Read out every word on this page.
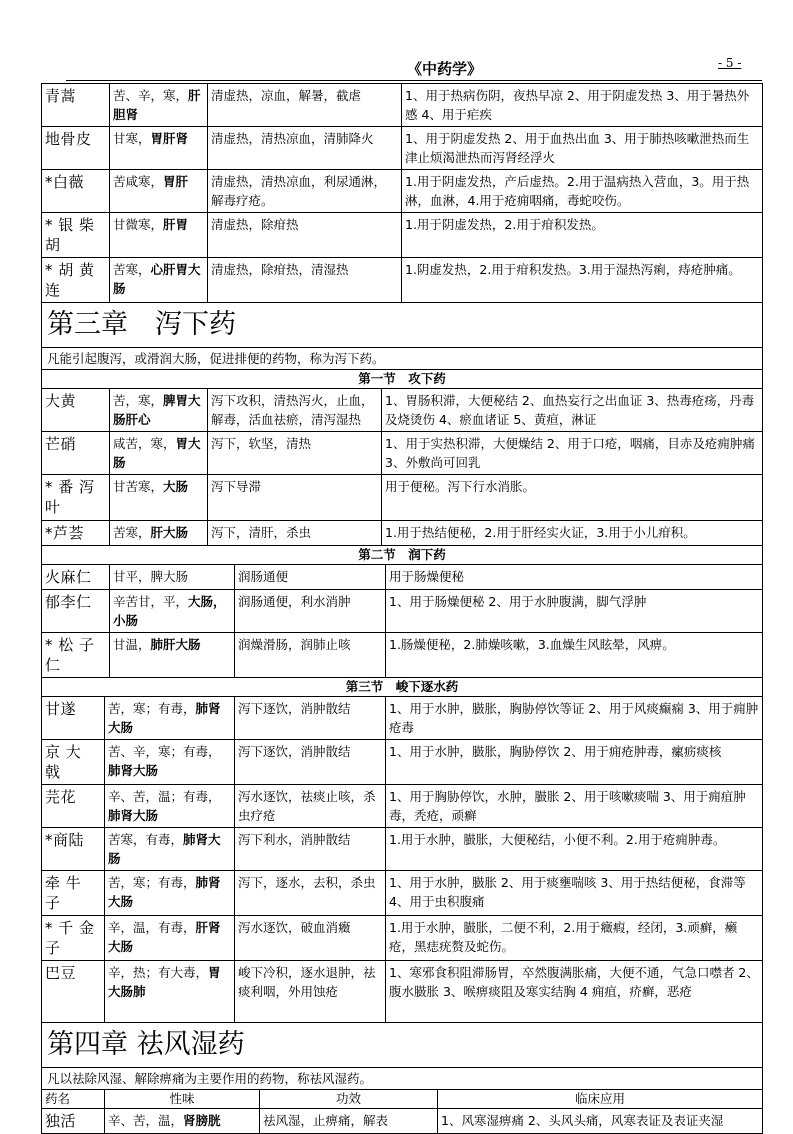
《中药学》	- 5 -
青蒿	苦、辛，寒，肝胆肾	清虚热，凉血，解暑，截虐	1、用于热病伤阴，夜热早凉 2、用于阴虚发热 3、用于暑热外感 4、用于疟疾
地骨皮	甘寒，胃肝肾	清虚热，清热凉血，清肺降火	1、用于阴虚发热 2、用于血热出血 3、用于肺热咳嗽泄热而生津止烦渴泄热而泻肾经浮火
*白薇	苦咸寒，胃肝	清虚热，清热凉血，利尿通淋，解毒疗疮。	1.用于阴虚发热，产后虚热。2.用于温病热入营血，3。用于热淋，血淋，4.用于疮痈咽痛，毒蛇咬伤。
* 银 柴 胡	甘微寒，肝胃	清虚热，除疳热	1.用于阴虚发热，2.用于疳积发热。
* 胡 黄 连	苦寒，心肝胃大肠	清虚热，除疳热，清湿热	1.阴虚发热，2.用于疳积发热。3.用于湿热泻痢，痔疮肿痛。
第三章　泻下药			
凡能引起腹泻，或滑润大肠，促进排便的药物，称为泻下药。			
第一节　攻下药			
大黄	苦，寒，脾胃大肠肝心	泻下攻积，清热泻火，止血，解毒，活血祛瘀，清泻湿热	1、胃肠积滞，大便秘结 2、血热妄行之出血证 3、热毒疮疡，丹毒及烧烫伤 4、瘀血诸证 5、黄疸，淋证
芒硝	咸苦，寒，胃大肠	泻下，软坚，清热	1、用于实热积滞，大便燥结 2、用于口疮，咽痛，目赤及疮痈肿痛 3、外敷尚可回乳
* 番 泻 叶	甘苦寒，大肠	泻下导滞	用于便秘。泻下行水消胀。
*芦荟	苦寒，肝大肠	泻下，清肝，杀虫	1.用于热结便秘，2.用于肝经实火证，3.用于小儿疳积。
第二节　润下药			
火麻仁	甘平，脾大肠	润肠通便	用于肠燥便秘
郁李仁	辛苦甘，平，大肠，小肠	润肠通便，利水消肿	1、用于肠燥便秘 2、用于水肿腹满，脚气浮肿
* 松 子 仁	甘温，肺肝大肠	润燥滑肠，润肺止咳	1.肠燥便秘，2.肺燥咳嗽，3.血燥生风眩晕，风痹。
第三节　峻下逐水药			
甘遂	苦，寒；有毒，肺肾大肠	泻下逐饮，消肿散结	1、用于水肿，臌胀，胸胁停饮等证 2、用于风痰癫痫 3、用于痈肿疮毒
京 大 戟	苦、辛，寒；有毒，肺肾大肠	泻下逐饮，消肿散结	1、用于水肿，臌胀，胸胁停饮 2、用于痈疮肿毒，瘰疬痰核
芫花	辛、苦，温；有毒，肺肾大肠	泻水逐饮，祛痰止咳，杀虫疗疮	1、用于胸胁停饮，水肿，臌胀 2、用于咳嗽痰喘 3、用于痈疽肿毒，秃疮，顽癣
*商陆	苦寒，有毒，肺肾大肠	泻下利水，消肿散结	1.用于水肿，臌胀，大便秘结，小便不利。2.用于疮痈肿毒。
牵 牛 子	苦，寒；有毒，肺肾大肠	泻下，逐水，去积，杀虫	1、用于水肿，臌胀 2、用于痰壅喘咳 3、用于热结便秘，食滞等 4、用于虫积腹痛
* 千 金 子	辛，温，有毒，肝肾大肠	泻水逐饮，破血消癥	1.用于水肿，臌胀，二便不利，2.用于癥瘕，经闭，3.顽癣，癞疮，黑痣疣赘及蛇伤。
巴豆	辛，热；有大毒，胃大肠肺	峻下冷积，逐水退肿，祛痰利咽，外用蚀疮	1、寒邪食积阻滞肠胃，卒然腹满胀痛，大便不通，气急口噤者 2、腹水臌胀 3、喉痹痰阻及寒实结胸 4 痈疽，疥癣，恶疮
第四章 祛风湿药			
凡以祛除风湿、解除痹痛为主要作用的药物，称祛风湿药。			
药名	性味	功效	临床应用
独活	辛、苦，温，肾膀胱	祛风湿，止痹痛，解表	1、风寒湿痹痛 2、头风头痛，风寒表证及表证夹湿
